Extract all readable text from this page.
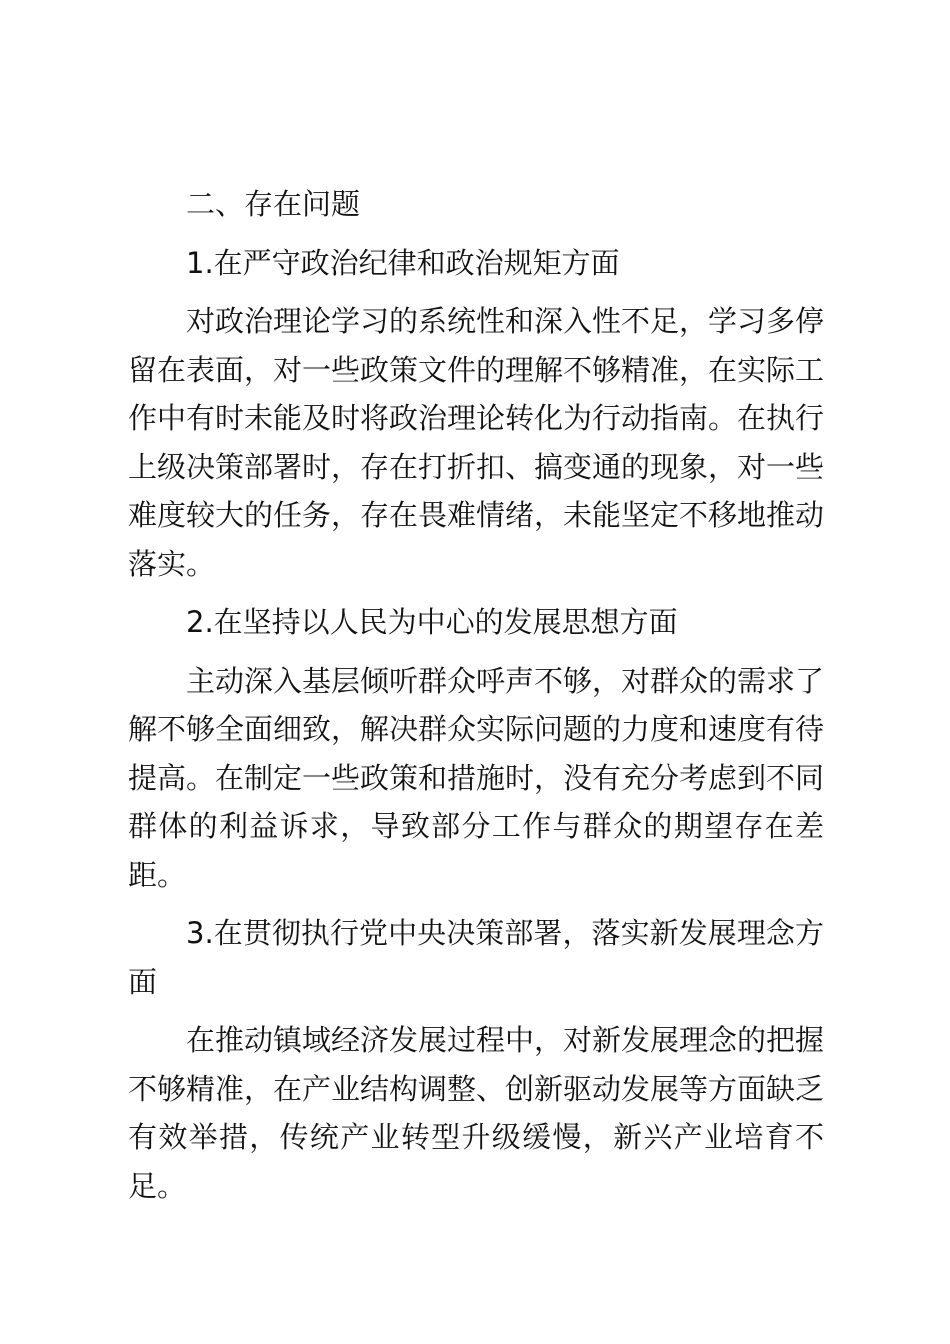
二、存在问题

1.在严守政治纪律和政治规矩方面

对政治理论学习的系统性和深入性不足，学习多停留在表面，对一些政策文件的理解不够精准，在实际工作中有时未能及时将政治理论转化为行动指南。在执行上级决策部署时，存在打折扣、搞变通的现象，对一些难度较大的任务，存在畏难情绪，未能坚定不移地推动落实。

2.在坚持以人民为中心的发展思想方面

主动深入基层倾听群众呼声不够，对群众的需求了解不够全面细致，解决群众实际问题的力度和速度有待提高。在制定一些政策和措施时，没有充分考虑到不同群体的利益诉求，导致部分工作与群众的期望存在差距。

3.在贯彻执行党中央决策部署，落实新发展理念方面

在推动镇域经济发展过程中，对新发展理念的把握不够精准，在产业结构调整、创新驱动发展等方面缺乏有效举措，传统产业转型升级缓慢，新兴产业培育不足。
